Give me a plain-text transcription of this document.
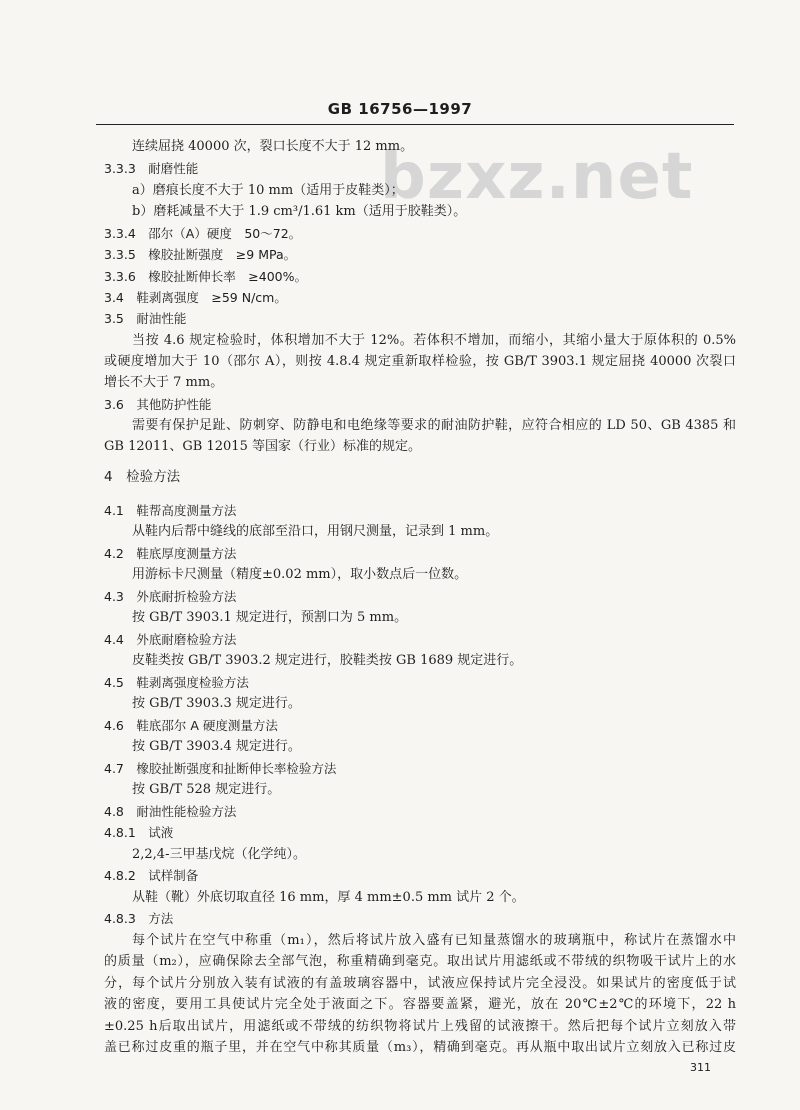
GB 16756—1997
bzxz.net
连续屈挠 40000 次，裂口长度不大于 12 mm。
3.3.3　耐磨性能
a）磨痕长度不大于 10 mm（适用于皮鞋类）；
b）磨耗减量不大于 1.9 cm³/1.61 km（适用于胶鞋类）。
3.3.4　邵尔（A）硬度　50～72。
3.3.5　橡胶扯断强度　≥9 MPa。
3.3.6　橡胶扯断伸长率　≥400%。
3.4　鞋剥离强度　≥59 N/cm。
3.5　耐油性能
当按 4.6 规定检验时，体积增加不大于 12%。若体积不增加，而缩小，其缩小量大于原体积的 0.5%
或硬度增加大于 10（邵尔 A），则按 4.8.4 规定重新取样检验，按 GB/T 3903.1 规定屈挠 40000 次裂口
增长不大于 7 mm。
3.6　其他防护性能
需要有保护足趾、防刺穿、防静电和电绝缘等要求的耐油防护鞋，应符合相应的 LD 50、GB 4385 和
GB 12011、GB 12015 等国家（行业）标准的规定。
4　检验方法
4.1　鞋帮高度测量方法
从鞋内后帮中缝线的底部至沿口，用钢尺测量，记录到 1 mm。
4.2　鞋底厚度测量方法
用游标卡尺测量（精度±0.02 mm），取小数点后一位数。
4.3　外底耐折检验方法
按 GB/T 3903.1 规定进行，预割口为 5 mm。
4.4　外底耐磨检验方法
皮鞋类按 GB/T 3903.2 规定进行，胶鞋类按 GB 1689 规定进行。
4.5　鞋剥离强度检验方法
按 GB/T 3903.3 规定进行。
4.6　鞋底邵尔 A 硬度测量方法
按 GB/T 3903.4 规定进行。
4.7　橡胶扯断强度和扯断伸长率检验方法
按 GB/T 528 规定进行。
4.8　耐油性能检验方法
4.8.1　试液
2,2,4-三甲基戊烷（化学纯）。
4.8.2　试样制备
从鞋（靴）外底切取直径 16 mm，厚 4 mm±0.5 mm 试片 2 个。
4.8.3　方法
每个试片在空气中称重（m₁），然后将试片放入盛有已知量蒸馏水的玻璃瓶中，称试片在蒸馏水中
的质量（m₂），应确保除去全部气泡，称重精确到毫克。取出试片用滤纸或不带绒的织物吸干试片上的水
分，每个试片分别放入装有试液的有盖玻璃容器中，试液应保持试片完全浸没。如果试片的密度低于试
液的密度，要用工具使试片完全处于液面之下。容器要盖紧，避光，放在 20℃±2℃的环境下，22 h
±0.25 h后取出试片，用滤纸或不带绒的纺织物将试片上残留的试液擦干。然后把每个试片立刻放入带
盖已称过皮重的瓶子里，并在空气中称其质量（m₃），精确到毫克。再从瓶中取出试片立刻放入已称过皮
311
